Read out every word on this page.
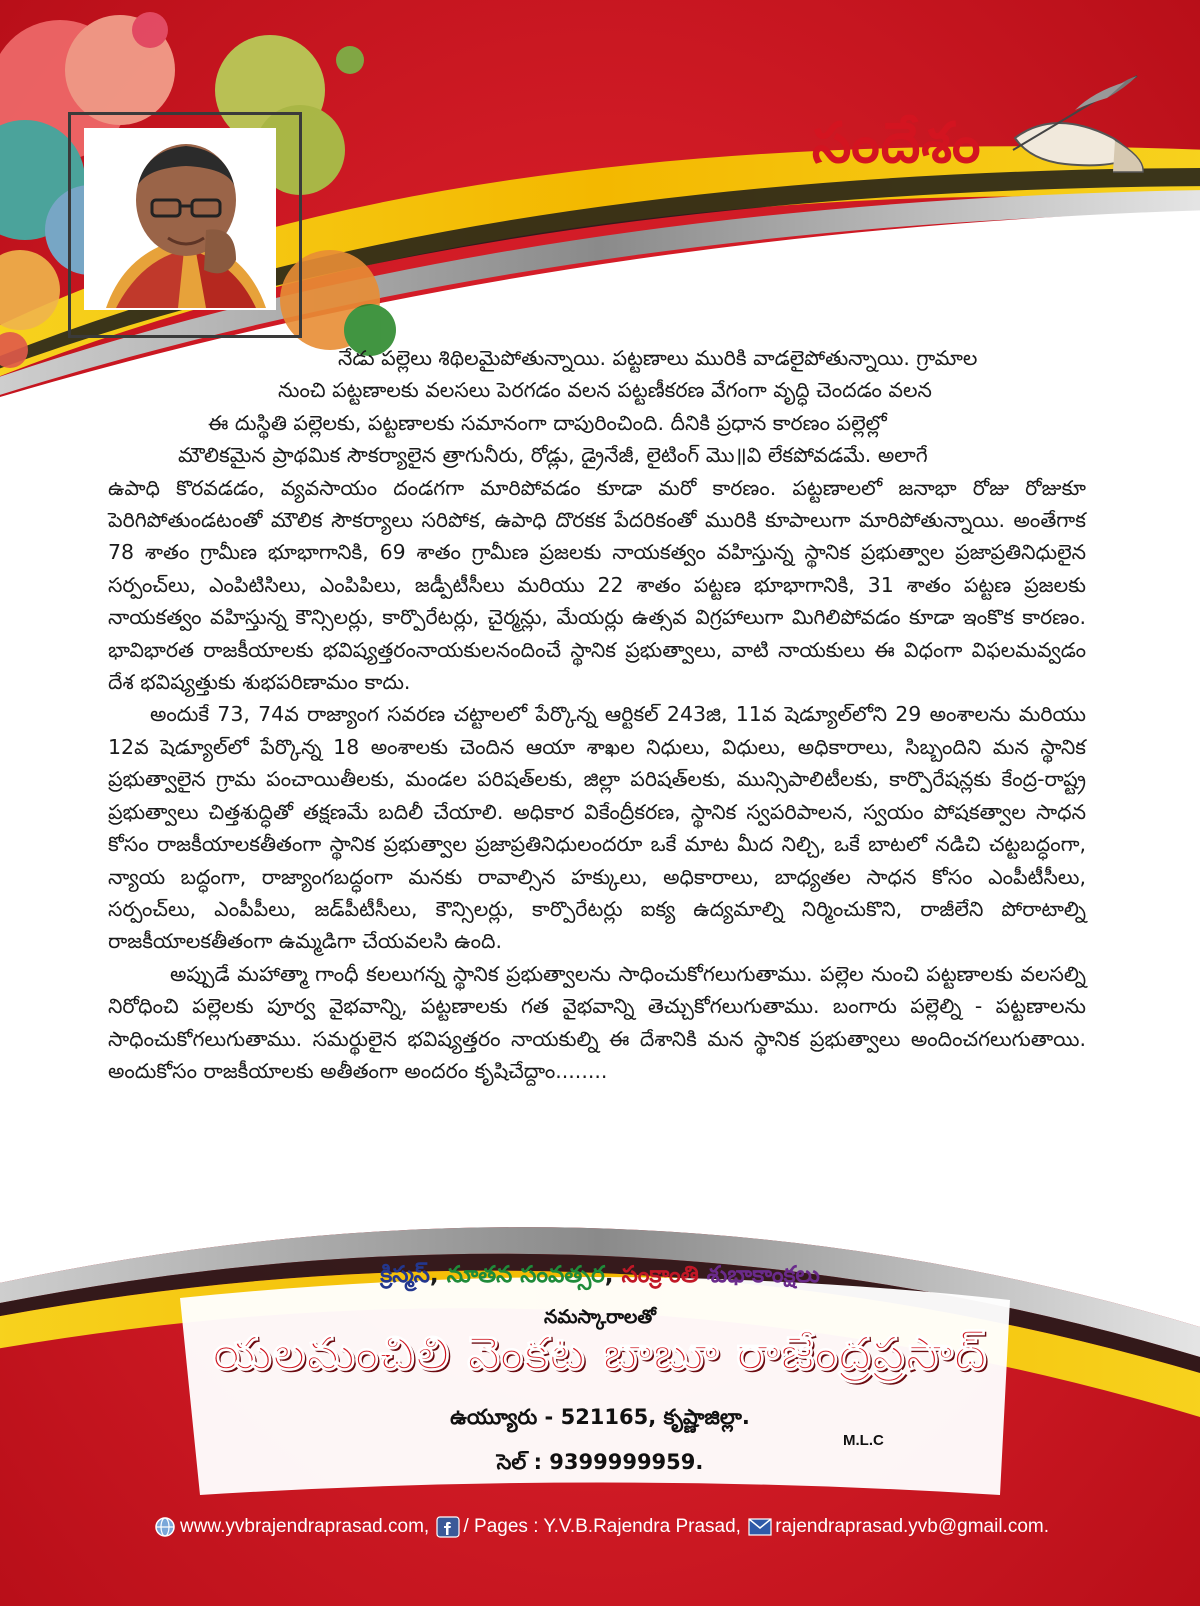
సందేశం

నేడు పల్లెలు శిథిలమైపోతున్నాయి. పట్టణాలు మురికి వాడలైపోతున్నాయి. గ్రామాల

నుంచి పట్టణాలకు వలసలు పెరగడం వలన పట్టణీకరణ వేగంగా వృద్ధి చెందడం వలన

ఈ దుస్థితి పల్లెలకు, పట్టణాలకు సమానంగా దాపురించింది. దీనికి ప్రధాన కారణం పల్లెల్లో

మౌలికమైన ప్రాథమిక సౌకర్యాలైన త్రాగునీరు, రోడ్లు, డ్రైనేజీ, లైటింగ్ మొ॥వి లేకపోవడమే. అలాగే

ఉపాధి కొరవడడం, వ్యవసాయం దండగగా మారిపోవడం కూడా మరో కారణం. పట్టణాలలో జనాభా రోజు రోజుకూ పెరిగిపోతుండటంతో మౌలిక సౌకర్యాలు సరిపోక, ఉపాధి దొరకక పేదరికంతో మురికి కూపాలుగా మారిపోతున్నాయి. అంతేగాక 78 శాతం గ్రామీణ భూభాగానికి, 69 శాతం గ్రామీణ ప్రజలకు నాయకత్వం వహిస్తున్న స్థానిక ప్రభుత్వాల ప్రజాప్రతినిధులైన సర్పంచ్‌లు, ఎంపిటిసిలు, ఎంపిపిలు, జడ్పీటీసీలు మరియు 22 శాతం పట్టణ భూభాగానికి, 31 శాతం పట్టణ ప్రజలకు నాయకత్వం వహిస్తున్న కౌన్సిలర్లు, కార్పొరేటర్లు, చైర్మన్లు, మేయర్లు ఉత్సవ విగ్రహాలుగా మిగిలిపోవడం కూడా ఇంకొక కారణం. భావిభారత రాజకీయాలకు భవిష్యత్తరంనాయకులనందించే స్థానిక ప్రభుత్వాలు, వాటి నాయకులు ఈ విధంగా విఫలమవ్వడం దేశ భవిష్యత్తుకు శుభపరిణామం కాదు.

అందుకే 73, 74వ రాజ్యాంగ సవరణ చట్టాలలో పేర్కొన్న ఆర్టికల్ 243జి, 11వ షెడ్యూల్‌లోని 29 అంశాలను మరియు 12వ షెడ్యూల్‌లో పేర్కొన్న 18 అంశాలకు చెందిన ఆయా శాఖల నిధులు, విధులు, అధికారాలు, సిబ్బందిని మన స్థానిక ప్రభుత్వాలైన గ్రామ పంచాయితీలకు, మండల పరిషత్‌లకు, జిల్లా పరిషత్‌లకు, మున్సిపాలిటీలకు, కార్పొరేషన్లకు కేంద్ర-రాష్ట్ర ప్రభుత్వాలు చిత్తశుద్ధితో తక్షణమే బదిలీ చేయాలి. అధికార వికేంద్రీకరణ, స్థానిక స్వపరిపాలన, స్వయం పోషకత్వాల సాధన కోసం రాజకీయాలకతీతంగా స్థానిక ప్రభుత్వాల ప్రజాప్రతినిధులందరూ ఒకే మాట మీద నిల్చి, ఒకే బాటలో నడిచి చట్టబద్ధంగా, న్యాయ బద్ధంగా, రాజ్యాంగబద్ధంగా మనకు రావాల్సిన హక్కులు, అధికారాలు, బాధ్యతల సాధన కోసం ఎంపీటీసీలు, సర్పంచ్‌లు, ఎంపీపీలు, జడ్‌పీటీసీలు, కౌన్సిలర్లు, కార్పొరేటర్లు ఐక్య ఉద్యమాల్ని నిర్మించుకొని, రాజీలేని పోరాటాల్ని రాజకీయాలకతీతంగా ఉమ్మడిగా చేయవలసి ఉంది.

అప్పుడే మహాత్మా గాంధీ కలలుగన్న స్థానిక ప్రభుత్వాలను సాధించుకోగలుగుతాము. పల్లెల నుంచి పట్టణాలకు వలసల్ని నిరోధించి పల్లెలకు పూర్వ వైభవాన్ని, పట్టణాలకు గత వైభవాన్ని తెచ్చుకోగలుగుతాము. బంగారు పల్లెల్ని - పట్టణాలను సాధించుకోగలుగుతాము. సమర్థులైన భవిష్యత్తరం నాయకుల్ని ఈ దేశానికి మన స్థానిక ప్రభుత్వాలు అందించగలుగుతాయి. అందుకోసం రాజకీయాలకు అతీతంగా అందరం కృషిచేద్దాం........

క్రిస్మస్, నూతన సంవత్సర, సంక్రాంతి శుభాకాంక్షలు
నమస్కారాలతో
యలమంచిలి వెంకట బాబూ రాజేంద్రప్రసాద్
ఉయ్యూరు - 521165, కృష్ణాజిల్లా.
M.L.C
సెల్ : 9399999959.
www.yvbrajendraprasad.com, / Pages : Y.V.B.Rajendra Prasad, rajendraprasad.yvb@gmail.com.
